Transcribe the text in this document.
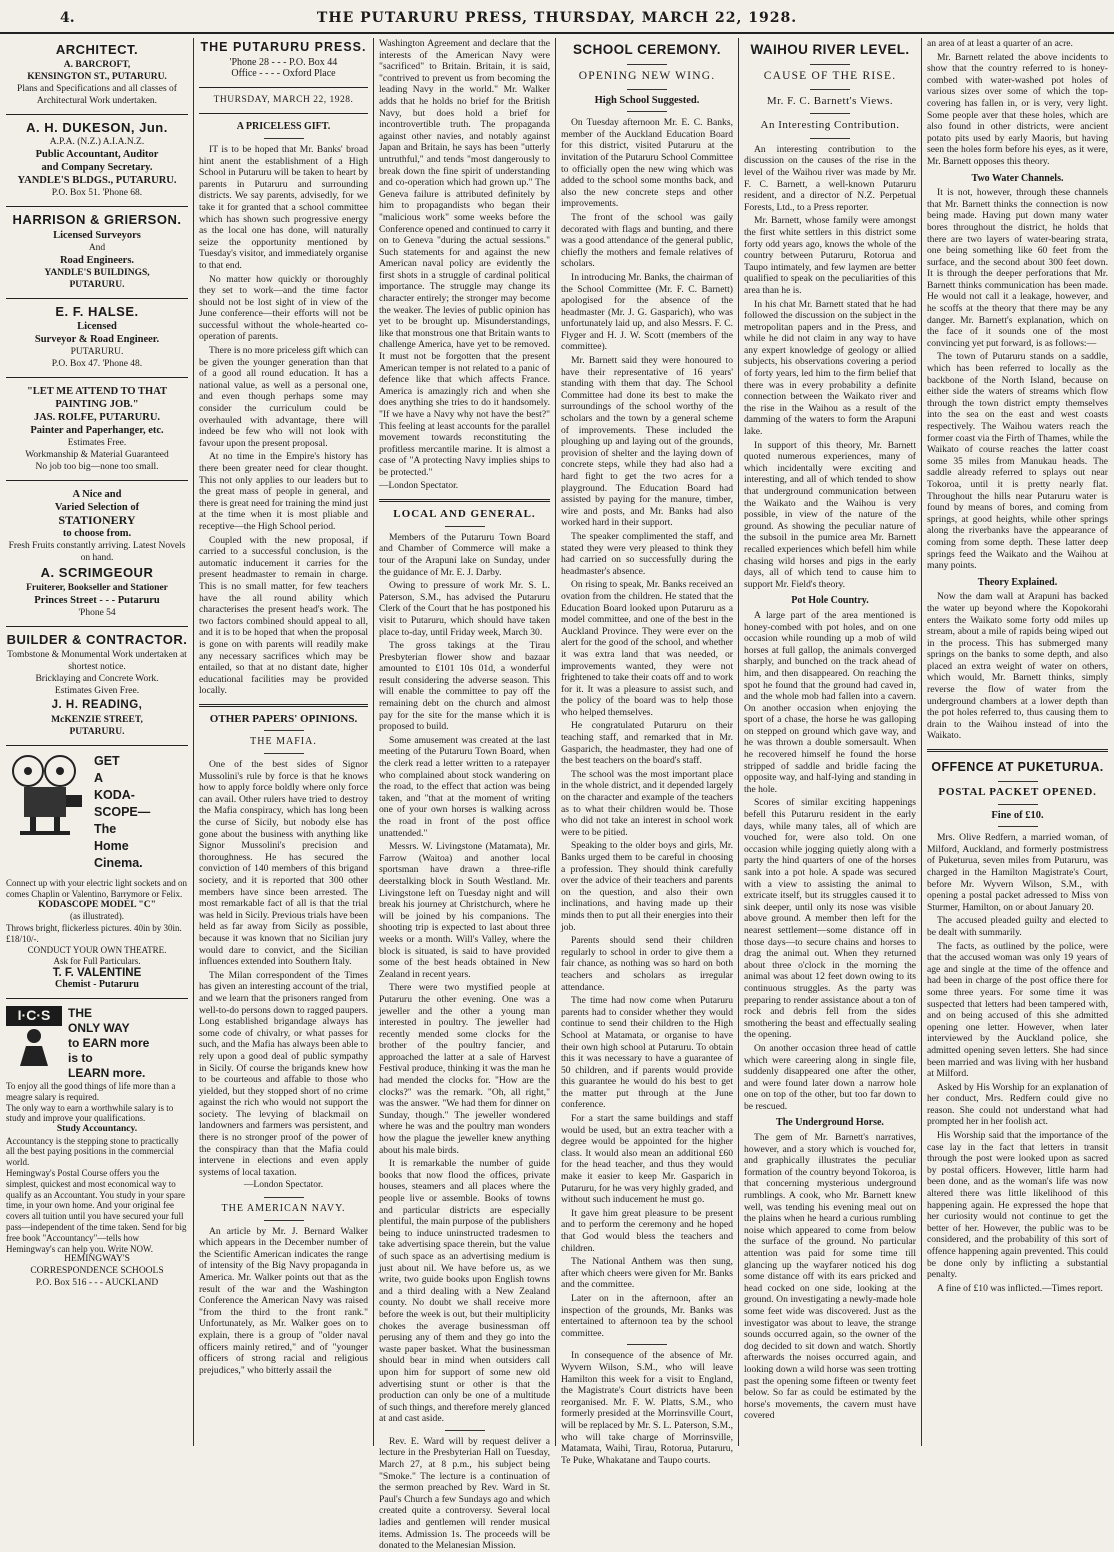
4.	THE PUTARURU PRESS, THURSDAY, MARCH 22, 1928.
ARCHITECT.
A. BARCROFT,
KENSINGTON ST., PUTARURU.
Plans and Specifications and all classes of Architectural Work undertaken.
A. H. DUKESON, Jun.
A.P.A. (N.Z.) A.I.A.N.Z.
Public Accountant, Auditor
and Company Secretary.
YANDLE'S BLDGS., PUTARURU.
P.O. Box 51. 'Phone 68.
HARRISON & GRIERSON.
Licensed Surveyors
And
Road Engineers.
YANDLE'S BUILDINGS,
PUTARURU.
E. F. HALSE.
Licensed
Surveyor & Road Engineer.
PUTARURU.
P.O. Box 47. 'Phone 48.
"LET ME ATTEND TO THAT PAINTING JOB."
JAS. ROLFE, PUTARURU.
Painter and Paperhanger, etc.
Estimates Free.
Workmanship & Material Guaranteed
No job too big—none too small.
A Nice and
Varied Selection of
STATIONERY
to choose from.
Fresh Fruits constantly arriving. Latest Novels on hand.
A. SCRIMGEOUR
Fruiterer, Bookseller and Stationer
Princes Street - - - Putaruru
'Phone 54
BUILDER & CONTRACTOR.
Tombstone & Monumental Work undertaken at shortest notice.
Bricklaying and Concrete Work.
Estimates Given Free.
J. H. READING,
McKENZIE STREET,
PUTARURU.
GET
A
KODA-
SCOPE—
The
Home
Cinema.
Connect up with your electric light sockets and on comes Chaplin or Valentino, Barrymore or Felix.
KODASCOPE MODEL "C"
(as illustrated).
Throws bright, flickerless pictures. 40in by 30in. £18/10/-.
CONDUCT YOUR OWN THEATRE.
Ask for Full Particulars.
T. F. VALENTINE
Chemist - Putaruru
I·C·S	THE
ONLY WAY
to EARN more
is to
LEARN more.
To enjoy all the good things of life more than a meagre salary is required.
The only way to earn a worthwhile salary is to study and improve your qualifications.
Study Accountancy.
Accountancy is the stepping stone to practically all the best paying positions in the commercial world.
Hemingway's Postal Course offers you the simplest, quickest and most economical way to qualify as an Accountant. You study in your spare time, in your own home. And your original fee covers all tuition until you have secured your full pass—independent of the time taken. Send for big free book "Accountancy"—tells how Hemingway's can help you. Write NOW.
HEMINGWAY'S
CORRESPONDENCE SCHOOLS
P.O. Box 516 - - - AUCKLAND
THE PUTARURU PRESS.
'Phone 28 - - - P.O. Box 44
Office - - - - Oxford Place
THURSDAY, MARCH 22, 1928.
A PRICELESS GIFT.

IT is to be hoped that Mr. Banks' broad hint anent the establishment of a High School in Putaruru will be taken to heart by parents in Putaruru and surrounding districts. We say parents, advisedly, for we take it for granted that a school committee which has shown such progressive energy as the local one has done, will naturally seize the opportunity mentioned by Tuesday's visitor, and immediately organise to that end.

No matter how quickly or thoroughly they set to work—and the time factor should not be lost sight of in view of the June conference—their efforts will not be successful without the whole-hearted co-operation of parents.

There is no more priceless gift which can be given the younger generation than that of a good all round education. It has a national value, as well as a personal one, and even though perhaps some may consider the curriculum could be overhauled with advantage, there will indeed be few who will not look with favour upon the present proposal.

At no time in the Empire's history has there been greater need for clear thought. This not only applies to our leaders but to the great mass of people in general, and there is great need for training the mind just at the time when it is most pliable and receptive—the High School period.

Coupled with the new proposal, if carried to a successful conclusion, is the automatic inducement it carries for the present headmaster to remain in charge. This is no small matter, for few teachers have the all round ability which characterises the present head's work. The two factors combined should appeal to all, and it is to be hoped that when the proposal is gone on with parents will readily make any necessary sacrifices which may be entailed, so that at no distant date, higher educational facilities may be provided locally.

OTHER PAPERS' OPINIONS.
THE MAFIA.

One of the best sides of Signor Mussolini's rule by force is that he knows how to apply force boldly where only force can avail. Other rulers have tried to destroy the Mafia conspiracy, which has long been the curse of Sicily, but nobody else has gone about the business with anything like Signor Mussolini's precision and thoroughness. He has secured the conviction of 140 members of this brigand society, and it is reported that 300 other members have since been arrested. The most remarkable fact of all is that the trial was held in Sicily. Previous trials have been held as far away from Sicily as possible, because it was known that no Sicilian jury would dare to convict, and the Sicilian influences extended into Southern Italy.

The Milan correspondent of the Times has given an interesting account of the trial, and we learn that the prisoners ranged from well-to-do persons down to ragged paupers. Long established brigandage always has some code of chivalry, or what passes for such, and the Mafia has always been able to rely upon a good deal of public sympathy in Sicily. Of course the brigands knew how to be courteous and affable to those who yielded, but they stopped short of no crime against the rich who would not support the society. The levying of blackmail on landowners and farmers was persistent, and there is no stronger proof of the power of the conspiracy than that the Mafia could intervene in elections and even apply systems of local taxation.

—London Spectator.
THE AMERICAN NAVY.

An article by Mr. J. Bernard Walker which appears in the December number of the Scientific American indicates the range of intensity of the Big Navy propaganda in America. Mr. Walker points out that as the result of the war and the Washington Conference the American Navy was raised "from the third to the front rank." Unfortunately, as Mr. Walker goes on to explain, there is a group of "older naval officers mainly retired," and of "younger officers of strong racial and religious prejudices," who bitterly assail the

Washington Agreement and declare that the interests of the American Navy were "sacrificed" to Britain. Britain, it is said, "contrived to prevent us from becoming the leading Navy in the world." Mr. Walker adds that he holds no brief for the British Navy, but does hold a brief for incontrovertible truth. The propaganda against other navies, and notably against Japan and Britain, he says has been "utterly untruthful," and tends "most dangerously to break down the fine spirit of understanding and co-operation which had grown up." The Geneva failure is attributed definitely by him to propagandists who began their "malicious work" some weeks before the Conference opened and continued to carry it on to Geneva "during the actual sessions." Such statements for and against the new American naval policy are evidently the first shots in a struggle of cardinal political importance. The struggle may change its character entirely; the stronger may become the weaker. The levies of public opinion has yet to be brought up. Misunderstandings, like that monstrous one that Britain wants to challenge America, have yet to be removed. It must not be forgotten that the present American temper is not related to a panic of defence like that which affects France. America is amazingly rich and when she does anything she tries to do it handsomely. "If we have a Navy why not have the best?" This feeling at least accounts for the parallel movement towards reconstituting the profitless mercantile marine. It is almost a case of "A protecting Navy implies ships to be protected."

—London Spectator.
LOCAL AND GENERAL.

Members of the Putaruru Town Board and Chamber of Commerce will make a tour of the Arapuni lake on Sunday, under the guidance of Mr. E. J. Darby.

Owing to pressure of work Mr. S. L. Paterson, S.M., has advised the Putaruru Clerk of the Court that he has postponed his visit to Putaruru, which should have taken place to-day, until Friday week, March 30.

The gross takings at the Tirau Presbyterian flower show and bazaar amounted to £101 10s 01d, a wonderful result considering the adverse season. This will enable the committee to pay off the remaining debt on the church and almost pay for the site for the manse which it is proposed to build.

Some amusement was created at the last meeting of the Putaruru Town Board, when the clerk read a letter written to a ratepayer who complained about stock wandering on the road, to the effect that action was being taken, and "that at the moment of writing one of your own horses is walking across the road in front of the post office unattended."

Messrs. W. Livingstone (Matamata), Mr. Farrow (Waitoa) and another local sportsman have drawn a three-rifle deerstalking block in South Westland. Mr. Livingstone left on Tuesday night and will break his journey at Christchurch, where he will be joined by his companions. The shooting trip is expected to last about three weeks or a month. Will's Valley, where the block is situated, is said to have provided some of the best heads obtained in New Zealand in recent years.

There were two mystified people at Putaruru the other evening. One was a jeweller and the other a young man interested in poultry. The jeweller had recently mended some clocks for the brother of the poultry fancier, and approached the latter at a sale of Harvest Festival produce, thinking it was the man he had mended the clocks for. "How are the clocks?" was the remark. "Oh, all right," was the answer. "We had them for dinner on Sunday, though." The jeweller wondered where he was and the poultry man wonders how the plague the jeweller knew anything about his male birds.

It is remarkable the number of guide books that now flood the offices, private houses, steamers and all places where the people live or assemble. Books of towns and particular districts are especially plentiful, the main purpose of the publishers being to induce uninstructed tradesmen to take advertising space therein, but the value of such space as an advertising medium is just about nil. We have before us, as we write, two guide books upon English towns and a third dealing with a New Zealand county. No doubt we shall receive more before the week is out, but their multiplicity chokes the average businessman off perusing any of them and they go into the waste paper basket. What the businessman should bear in mind when outsiders call upon him for support of some new old advertising stunt or other is that the production can only be one of a multitude of such things, and therefore merely glanced at and cast aside.

Rev. E. Ward will by request deliver a lecture in the Presbyterian Hall on Tuesday, March 27, at 8 p.m., his subject being "Smoke." The lecture is a continuation of the sermon preached by Rev. Ward in St. Paul's Church a few Sundays ago and which created quite a controversy. Several local ladies and gentlemen will render musical items. Admission 1s. The proceeds will be donated to the Melanesian Mission.

SCHOOL CEREMONY.
OPENING NEW WING.
High School Suggested.

On Tuesday afternoon Mr. E. C. Banks, member of the Auckland Education Board for this district, visited Putaruru at the invitation of the Putaruru School Committee to officially open the new wing which was added to the school some months back, and also the new concrete steps and other improvements.

The front of the school was gaily decorated with flags and bunting, and there was a good attendance of the general public, chiefly the mothers and female relatives of scholars.

In introducing Mr. Banks, the chairman of the School Committee (Mr. F. C. Barnett) apologised for the absence of the headmaster (Mr. J. G. Gasparich), who was unfortunately laid up, and also Messrs. F. C. Flyger and H. J. W. Scott (members of the committee).

Mr. Barnett said they were honoured to have their representative of 16 years' standing with them that day. The School Committee had done its best to make the surroundings of the school worthy of the scholars and the town by a general scheme of improvements. These included the ploughing up and laying out of the grounds, provision of shelter and the laying down of concrete steps, while they had also had a hard fight to get the two acres for a playground. The Education Board had assisted by paying for the manure, timber, wire and posts, and Mr. Banks had also worked hard in their support.

The speaker complimented the staff, and stated they were very pleased to think they had carried on so successfully during the headmaster's absence.

On rising to speak, Mr. Banks received an ovation from the children. He stated that the Education Board looked upon Putaruru as a model committee, and one of the best in the Auckland Province. They were ever on the alert for the good of the school, and whether it was extra land that was needed, or improvements wanted, they were not frightened to take their coats off and to work for it. It was a pleasure to assist such, and the policy of the board was to help those who helped themselves.

He congratulated Putaruru on their teaching staff, and remarked that in Mr. Gasparich, the headmaster, they had one of the best teachers on the board's staff.

The school was the most important place in the whole district, and it depended largely on the character and example of the teachers as to what their children would be. Those who did not take an interest in school work were to be pitied.

Speaking to the older boys and girls, Mr. Banks urged them to be careful in choosing a profession. They should think carefully over the advice of their teachers and parents on the question, and also their own inclinations, and having made up their minds then to put all their energies into their job.

Parents should send their children regularly to school in order to give them a fair chance, as nothing was so hard on both teachers and scholars as irregular attendance.

The time had now come when Putaruru parents had to consider whether they would continue to send their children to the High School at Matamata, or organise to have their own high school at Putaruru. To obtain this it was necessary to have a guarantee of 50 children, and if parents would provide this guarantee he would do his best to get the matter put through at the June conference.

For a start the same buildings and staff would be used, but an extra teacher with a degree would be appointed for the higher class. It would also mean an additional £60 for the head teacher, and thus they would make it easier to keep Mr. Gasparich in Putaruru, for he was very highly graded, and without such inducement he must go.

It gave him great pleasure to be present and to perform the ceremony and he hoped that God would bless the teachers and children.

The National Anthem was then sung, after which cheers were given for Mr. Banks and the committee.

Later on in the afternoon, after an inspection of the grounds, Mr. Banks was entertained to afternoon tea by the school committee.

In consequence of the absence of Mr. Wyvern Wilson, S.M., who will leave Hamilton this week for a visit to England, the Magistrate's Court districts have been reorganised. Mr. F. W. Platts, S.M., who formerly presided at the Morrinsville Court, will be replaced by Mr. S. L. Paterson, S.M., who will take charge of Morrinsville, Matamata, Waihi, Tirau, Rotorua, Putaruru, Te Puke, Whakatane and Taupo courts.

WAIHOU RIVER LEVEL.
CAUSE OF THE RISE.
Mr. F. C. Barnett's Views.
An Interesting Contribution.

An interesting contribution to the discussion on the causes of the rise in the level of the Waihou river was made by Mr. F. C. Barnett, a well-known Putaruru resident, and a director of N.Z. Perpetual Forests, Ltd., to a Press reporter.

Mr. Barnett, whose family were amongst the first white settlers in this district some forty odd years ago, knows the whole of the country between Putaruru, Rotorua and Taupo intimately, and few laymen are better qualified to speak on the peculiarities of this area than he is.

In his chat Mr. Barnett stated that he had followed the discussion on the subject in the metropolitan papers and in the Press, and while he did not claim in any way to have any expert knowledge of geology or allied subjects, his observations covering a period of forty years, led him to the firm belief that there was in every probability a definite connection between the Waikato river and the rise in the Waihou as a result of the damming of the waters to form the Arapuni lake.

In support of this theory, Mr. Barnett quoted numerous experiences, many of which incidentally were exciting and interesting, and all of which tended to show that underground communication between the Waikato and the Waihou is very possible, in view of the nature of the ground. As showing the peculiar nature of the subsoil in the pumice area Mr. Barnett recalled experiences which befell him while chasing wild horses and pigs in the early days, all of which tend to cause him to support Mr. Field's theory.

Pot Hole Country.

A large part of the area mentioned is honey-combed with pot holes, and on one occasion while rounding up a mob of wild horses at full gallop, the animals converged sharply, and bunched on the track ahead of him, and then disappeared. On reaching the spot he found that the ground had caved in, and the whole mob had fallen into a cavern. On another occasion when enjoying the sport of a chase, the horse he was galloping on stepped on ground which gave way, and he was thrown a double somersault. When he recovered himself he found the horse stripped of saddle and bridle facing the opposite way, and half-lying and standing in the hole.

Scores of similar exciting happenings befell this Putaruru resident in the early days, while many tales, all of which are vouched for, were also told. On one occasion while jogging quietly along with a party the hind quarters of one of the horses sank into a pot hole. A spade was secured with a view to assisting the animal to extricate itself, but its struggles caused it to sink deeper, until only its nose was visible above ground. A member then left for the nearest settlement—some distance off in those days—to secure chains and horses to drag the animal out. When they returned about three o'clock in the morning the animal was about 12 feet down owing to its continuous struggles. As the party was preparing to render assistance about a ton of rock and debris fell from the sides smothering the beast and effectually sealing the opening.

On another occasion three head of cattle which were careering along in single file, suddenly disappeared one after the other, and were found later down a narrow hole one on top of the other, but too far down to be rescued.

The Underground Horse.

The gem of Mr. Barnett's narratives, however, and a story which is vouched for, and graphically illustrates the peculiar formation of the country beyond Tokoroa, is that concerning mysterious underground rumblings. A cook, who Mr. Barnett knew well, was tending his evening meal out on the plains when he heard a curious rumbling noise which appeared to come from below the surface of the ground. No particular attention was paid for some time till glancing up the wayfarer noticed his dog some distance off with its ears pricked and head cocked on one side, looking at the ground. On investigating a newly-made hole some feet wide was discovered. Just as the investigator was about to leave, the strange sounds occurred again, so the owner of the dog decided to sit down and watch. Shortly afterwards the noises occurred again, and looking down a wild horse was seen trotting past the opening some fifteen or twenty feet below. So far as could be estimated by the horse's movements, the cavern must have covered

an area of at least a quarter of an acre.

Mr. Barnett related the above incidents to show that the country referred to is honey-combed with water-washed pot holes of various sizes over some of which the top-covering has fallen in, or is very, very light. Some people aver that these holes, which are also found in other districts, were ancient potato pits used by early Maoris, but having seen the holes form before his eyes, as it were, Mr. Barnett opposes this theory.

Two Water Channels.

It is not, however, through these channels that Mr. Barnett thinks the connection is now being made. Having put down many water bores throughout the district, he holds that there are two layers of water-bearing strata, one being something like 60 feet from the surface, and the second about 300 feet down. It is through the deeper perforations that Mr. Barnett thinks communication has been made. He would not call it a leakage, however, and he scoffs at the theory that there may be any danger. Mr. Barnett's explanation, which on the face of it sounds one of the most convincing yet put forward, is as follows:—

The town of Putaruru stands on a saddle, which has been referred to locally as the backbone of the North Island, because on either side the waters of streams which flow through the town district empty themselves into the sea on the east and west coasts respectively. The Waihou waters reach the former coast via the Firth of Thames, while the Waikato of course reaches the latter coast some 35 miles from Manukau heads. The saddle already referred to splays out near Tokoroa, until it is pretty nearly flat. Throughout the hills near Putaruru water is found by means of bores, and coming from springs, at good heights, while other springs along the riverbanks have the appearance of coming from some depth. These latter deep springs feed the Waikato and the Waihou at many points.

Theory Explained.

Now the dam wall at Arapuni has backed the water up beyond where the Kopokorahi enters the Waikato some forty odd miles up stream, about a mile of rapids being wiped out in the process. This has submerged many springs on the banks to some depth, and also placed an extra weight of water on others, which would, Mr. Barnett thinks, simply reverse the flow of water from the underground chambers at a lower depth than the pot holes referred to, thus causing them to drain to the Waihou instead of into the Waikato.

OFFENCE AT PUKETURUA.
POSTAL PACKET OPENED.
Fine of £10.

Mrs. Olive Redfern, a married woman, of Milford, Auckland, and formerly postmistress of Puketurua, seven miles from Putaruru, was charged in the Hamilton Magistrate's Court, before Mr. Wyvern Wilson, S.M., with opening a postal packet adressed to Miss von Sturmer, Hamilton, on or about January 20.

The accused pleaded guilty and elected to be dealt with summarily.

The facts, as outlined by the police, were that the accused woman was only 19 years of age and single at the time of the offence and had been in charge of the post office there for some three years. For some time it was suspected that letters had been tampered with, and on being accused of this she admitted opening one letter. However, when later interviewed by the Auckland police, she admitted opening seven letters. She had since been married and was living with her husband at Milford.

Asked by His Worship for an explanation of her conduct, Mrs. Redfern could give no reason. She could not understand what had prompted her in her foolish act.

His Worship said that the importance of the case lay in the fact that letters in transit through the post were looked upon as sacred by postal officers. However, little harm had been done, and as the woman's life was now altered there was little likelihood of this happening again. He expressed the hope that her curiosity would not continue to get the better of her. However, the public was to be considered, and the probability of this sort of offence happening again prevented. This could be done only by inflicting a substantial penalty.

A fine of £10 was inflicted.—Times report.
